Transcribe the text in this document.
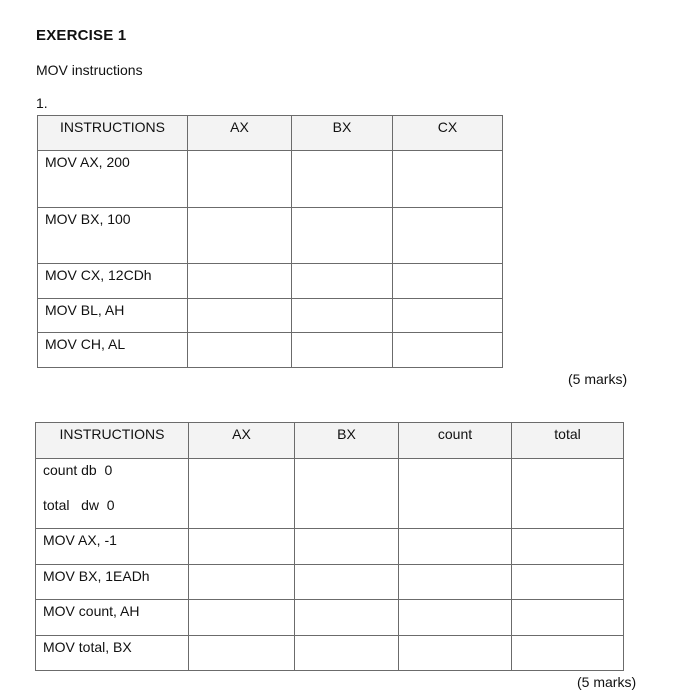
EXERCISE 1
MOV instructions
1.
INSTRUCTIONS	AX	BX	CX
MOV AX, 200			
MOV BX, 100			
MOV CX, 12CDh			
MOV BL, AH			
MOV CH, AL			
(5 marks)
INSTRUCTIONS	AX	BX	count	total

count db  0
total   dw  0				

MOV AX, -1				
MOV BX, 1EADh				
MOV count, AH				
MOV total, BX				
(5 marks)
